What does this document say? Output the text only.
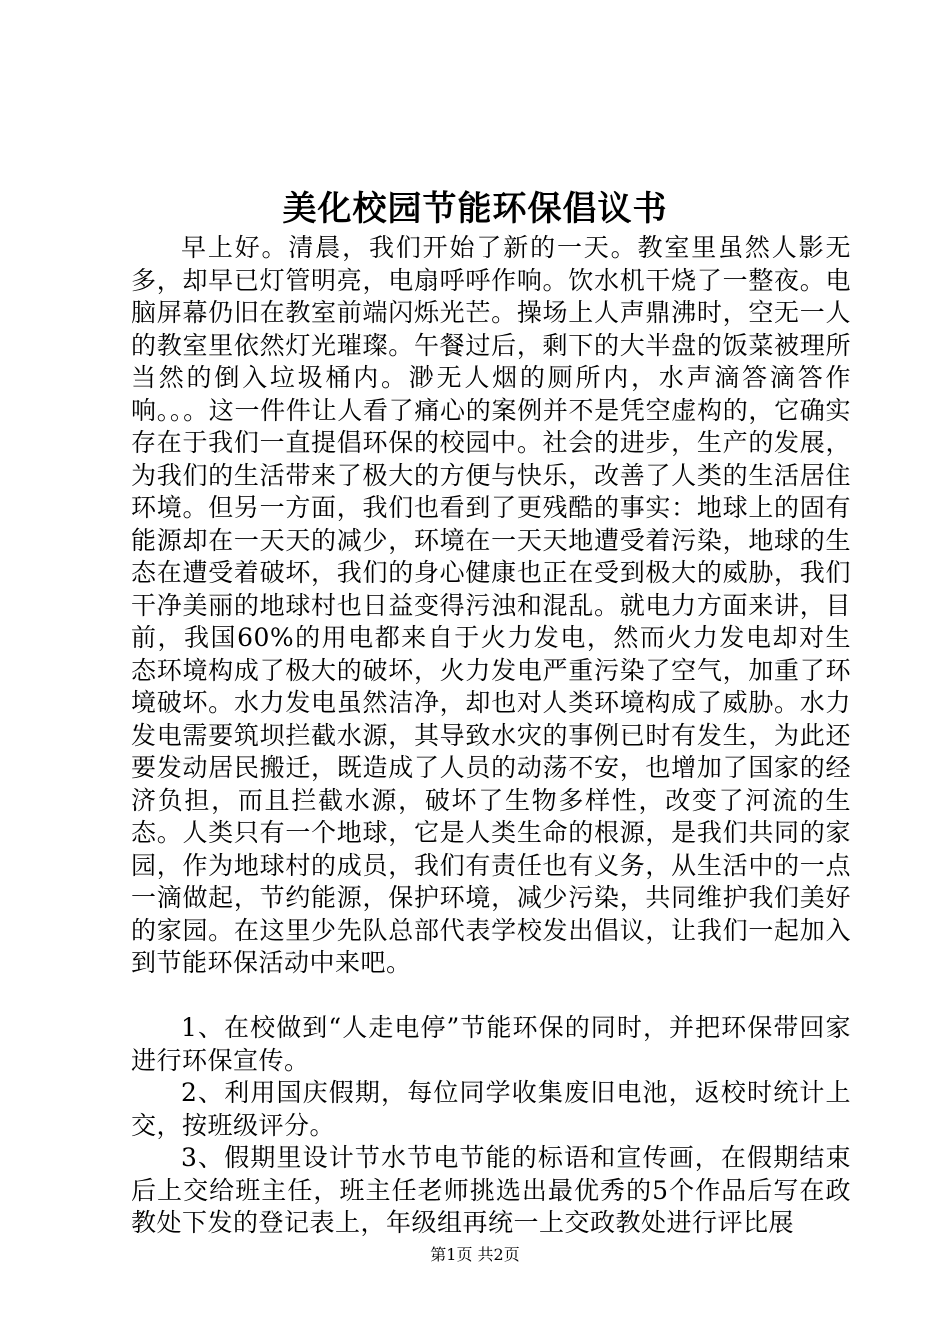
美化校园节能环保倡议书

早上好。清晨，我们开始了新的一天。教室里虽然人影无多，却早已灯管明亮，电扇呼呼作响。饮水机干烧了一整夜。电脑屏幕仍旧在教室前端闪烁光芒。操场上人声鼎沸时，空无一人的教室里依然灯光璀璨。午餐过后，剩下的大半盘的饭菜被理所当然的倒入垃圾桶内。渺无人烟的厕所内，水声滴答滴答作响。。。这一件件让人看了痛心的案例并不是凭空虚构的，它确实存在于我们一直提倡环保的校园中。社会的进步，生产的发展，为我们的生活带来了极大的方便与快乐，改善了人类的生活居住环境。但另一方面，我们也看到了更残酷的事实：地球上的固有能源却在一天天的减少，环境在一天天地遭受着污染，地球的生态在遭受着破坏，我们的身心健康也正在受到极大的威胁，我们干净美丽的地球村也日益变得污浊和混乱。就电力方面来讲，目前，我国60%的用电都来自于火力发电，然而火力发电却对生态环境构成了极大的破坏，火力发电严重污染了空气，加重了环境破坏。水力发电虽然洁净，却也对人类环境构成了威胁。水力发电需要筑坝拦截水源，其导致水灾的事例已时有发生，为此还要发动居民搬迁，既造成了人员的动荡不安，也增加了国家的经济负担，而且拦截水源，破坏了生物多样性，改变了河流的生态。人类只有一个地球，它是人类生命的根源，是我们共同的家园，作为地球村的成员，我们有责任也有义务，从生活中的一点一滴做起，节约能源，保护环境，减少污染，共同维护我们美好的家园。在这里少先队总部代表学校发出倡议，让我们一起加入到节能环保活动中来吧。

1、在校做到“人走电停”节能环保的同时，并把环保带回家进行环保宣传。

2、利用国庆假期，每位同学收集废旧电池，返校时统计上交，按班级评分。

3、假期里设计节水节电节能的标语和宣传画，在假期结束后上交给班主任，班主任老师挑选出最优秀的5个作品后写在政教处下发的登记表上，年级组再统一上交政教处进行评比展

第1页 共2页
